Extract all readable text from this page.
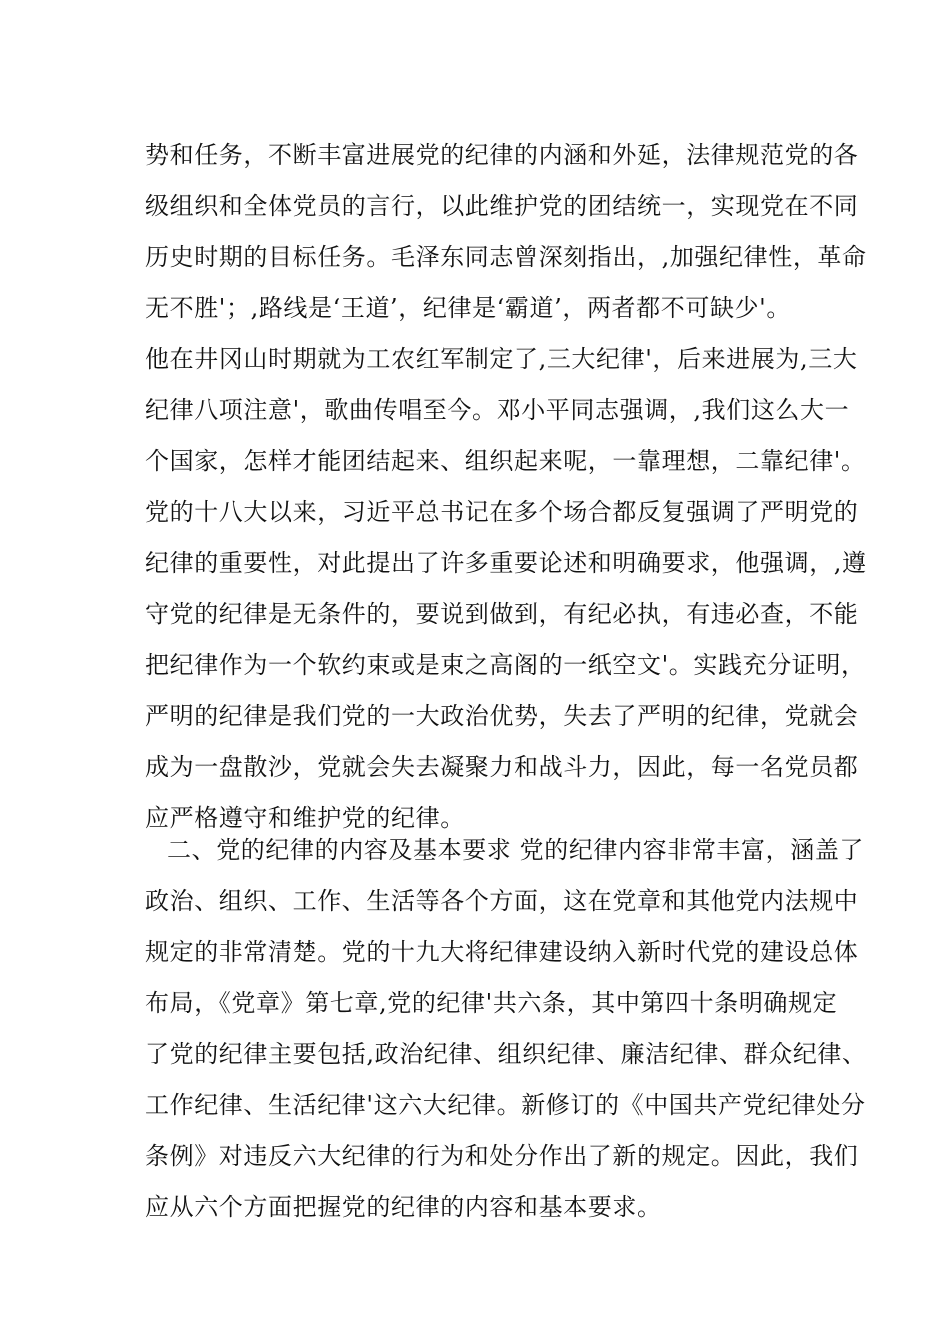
势和任务，不断丰富进展党的纪律的内涵和外延，法律规范党的各
级组织和全体党员的言行，以此维护党的团结统一，实现党在不同
历史时期的目标任务。毛泽东同志曾深刻指出，,加强纪律性，革命
无不胜'；,路线是‘王道’，纪律是‘霸道’，两者都不可缺少'。
他在井冈山时期就为工农红军制定了,三大纪律'，后来进展为,三大
纪律八项注意'，歌曲传唱至今。邓小平同志强调，,我们这么大一
个国家，怎样才能团结起来、组织起来呢，一靠理想，二靠纪律'。
党的十八大以来，习近平总书记在多个场合都反复强调了严明党的
纪律的重要性，对此提出了许多重要论述和明确要求，他强调，,遵
守党的纪律是无条件的，要说到做到，有纪必执，有违必查，不能
把纪律作为一个软约束或是束之高阁的一纸空文'。实践充分证明，
严明的纪律是我们党的一大政治优势，失去了严明的纪律，党就会
成为一盘散沙，党就会失去凝聚力和战斗力，因此，每一名党员都
应严格遵守和维护党的纪律。
二、党的纪律的内容及基本要求 党的纪律内容非常丰富，涵盖了
政治、组织、工作、生活等各个方面，这在党章和其他党内法规中
规定的非常清楚。党的十九大将纪律建设纳入新时代党的建设总体
布局，《党章》第七章,党的纪律'共六条，其中第四十条明确规定
了党的纪律主要包括,政治纪律、组织纪律、廉洁纪律、群众纪律、
工作纪律、生活纪律'这六大纪律。新修订的《中国共产党纪律处分
条例》对违反六大纪律的行为和处分作出了新的规定。因此，我们
应从六个方面把握党的纪律的内容和基本要求。
